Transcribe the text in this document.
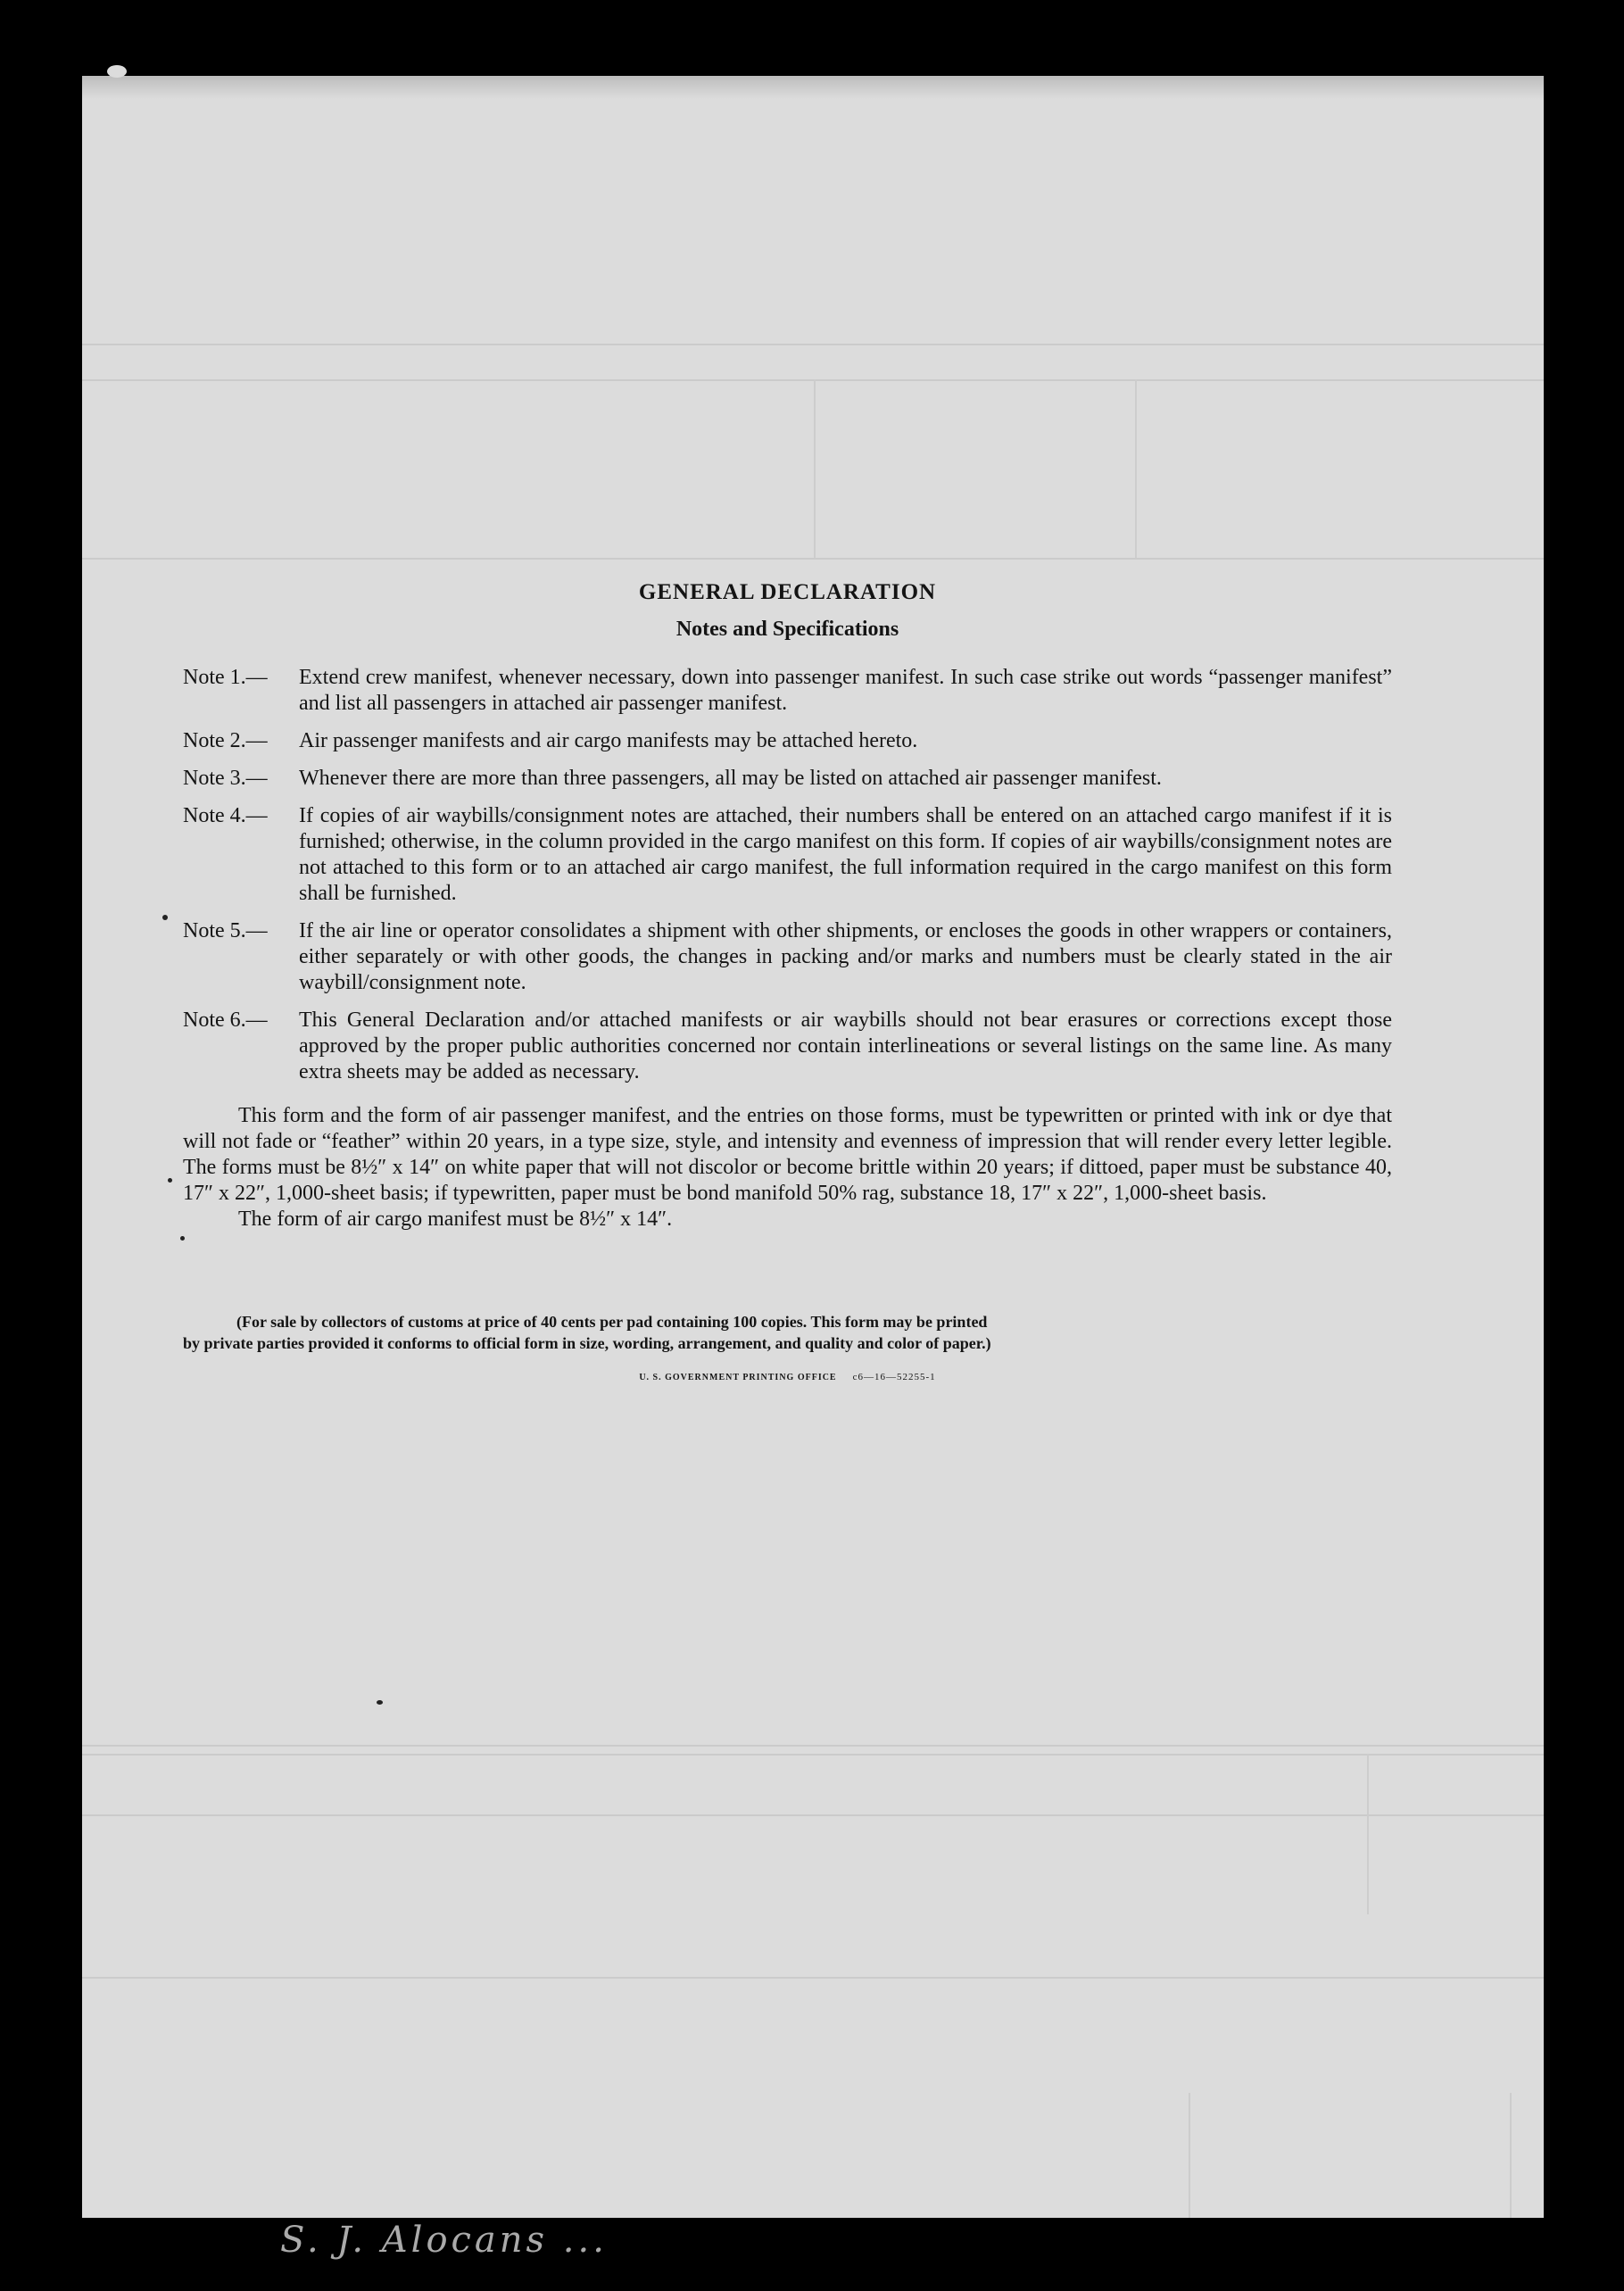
S. J. Alocans ...
GENERAL DECLARATION
Notes and Specifications
Note 1.—	Extend crew manifest, whenever necessary, down into passenger manifest. In such case strike out words “passenger manifest” and list all passengers in attached air passenger manifest.
Note 2.—	Air passenger manifests and air cargo manifests may be attached hereto.
Note 3.—	Whenever there are more than three passengers, all may be listed on attached air passenger manifest.
Note 4.—	If copies of air waybills/consignment notes are attached, their numbers shall be entered on an attached cargo manifest if it is furnished; otherwise, in the column provided in the cargo manifest on this form. If copies of air waybills/consignment notes are not attached to this form or to an attached air cargo manifest, the full information required in the cargo manifest on this form shall be furnished.
Note 5.—	If the air line or operator consolidates a shipment with other shipments, or encloses the goods in other wrappers or containers, either separately or with other goods, the changes in packing and/or marks and numbers must be clearly stated in the air waybill/consignment note.
Note 6.—	This General Declaration and/or attached manifests or air waybills should not bear erasures or corrections except those approved by the proper public authorities concerned nor contain interlineations or several listings on the same line. As many extra sheets may be added as necessary.
This form and the form of air passenger manifest, and the entries on those forms, must be typewritten or printed with ink or dye that will not fade or “feather” within 20 years, in a type size, style, and intensity and evenness of impression that will render every letter legible. The forms must be 8½″ x 14″ on white paper that will not discolor or become brittle within 20 years; if dittoed, paper must be substance 40, 17″ x 22″, 1,000-sheet basis; if typewritten, paper must be bond manifold 50% rag, substance 18, 17″ x 22″, 1,000-sheet basis.
The form of air cargo manifest must be 8½″ x 14″.
(For sale by collectors of customs at price of 40 cents per pad containing 100 copies. This form may be printed
by private parties provided it conforms to official form in size, wording, arrangement, and quality and color of paper.)
U. S. GOVERNMENT PRINTING OFFICE c6—16—52255-1
